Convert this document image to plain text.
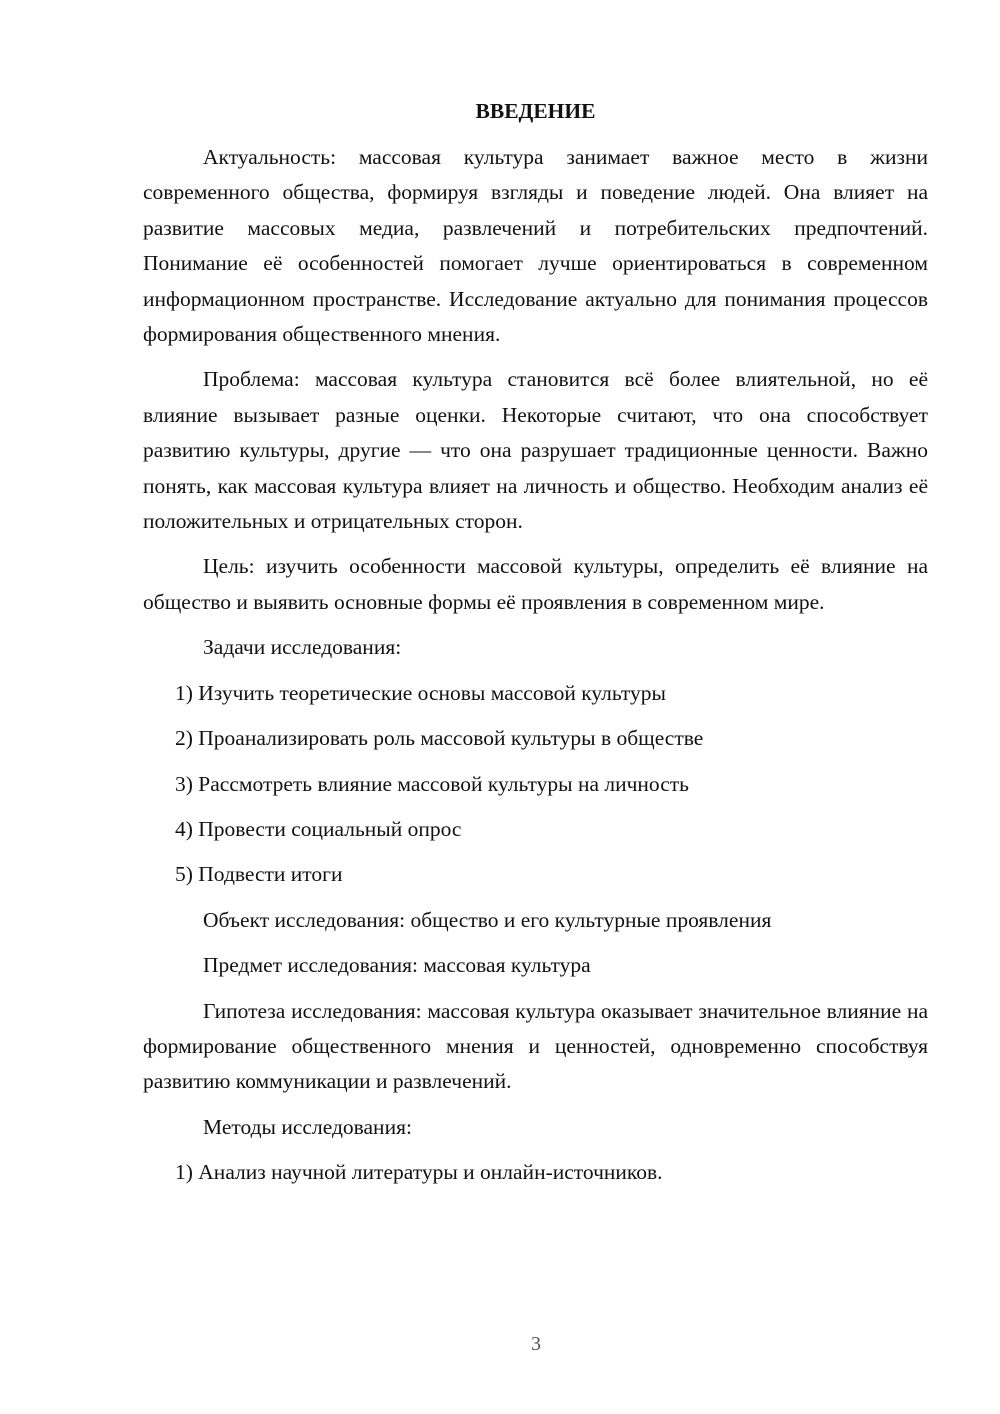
ВВЕДЕНИЕ

Актуальность: массовая культура занимает важное место в жизни современного общества, формируя взгляды и поведение людей. Она влияет на развитие массовых медиа, развлечений и потребительских предпочтений. Понимание её особенностей помогает лучше ориентироваться в современном информационном пространстве. Исследование актуально для понимания процессов формирования общественного мнения.

Проблема: массовая культура становится всё более влиятельной, но её влияние вызывает разные оценки. Некоторые считают, что она способствует развитию культуры, другие — что она разрушает традиционные ценности. Важно понять, как массовая культура влияет на личность и общество. Необходим анализ её положительных и отрицательных сторон.

Цель: изучить особенности массовой культуры, определить её влияние на общество и выявить основные формы её проявления в современном мире.

Задачи исследования:

1) Изучить теоретические основы массовой культуры

2) Проанализировать роль массовой культуры в обществе

3) Рассмотреть влияние массовой культуры на личность

4) Провести социальный опрос

5) Подвести итоги

Объект исследования: общество и его культурные проявления

Предмет исследования: массовая культура

Гипотеза исследования: массовая культура оказывает значительное влияние на формирование общественного мнения и ценностей, одновременно способствуя развитию коммуникации и развлечений.

Методы исследования:

1) Анализ научной литературы и онлайн-источников.

3
